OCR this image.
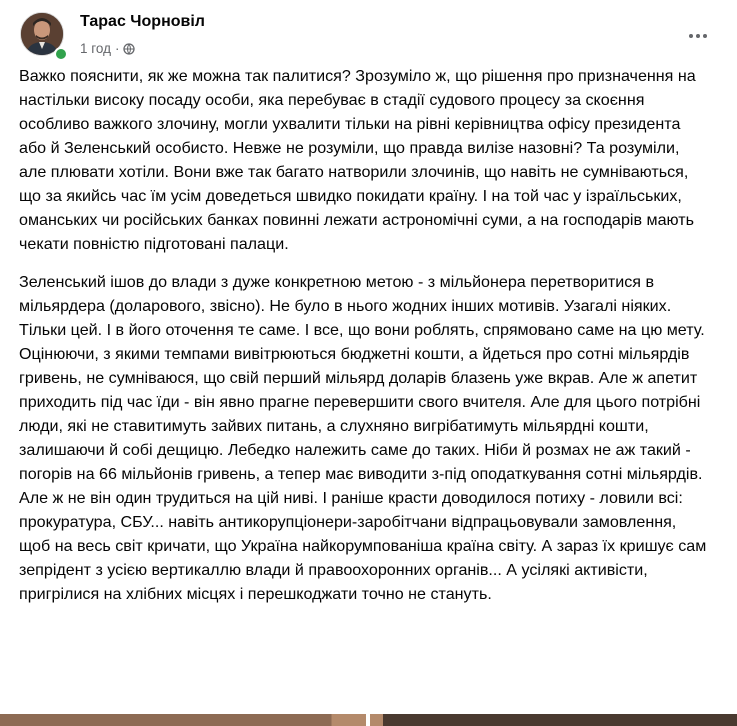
Тарас Чорновіл
1 год ·

Важко пояснити, як же можна так палитися? Зрозуміло ж, що рішення про призначення на настільки високу посаду особи, яка перебуває в стадії судового процесу за скоєння особливо важкого злочину, могли ухвалити тільки на рівні керівництва офісу президента або й Зеленський особисто. Невже не розуміли, що правда вилізе назовні? Та розуміли, але плювати хотіли. Вони вже так багато натворили злочинів, що навіть не сумніваються, що за якийсь час їм усім доведеться швидко покидати країну. І на той час у ізраїльських, оманських чи російських банках повинні лежати астрономічні суми, а на господарів мають чекати повністю підготовані палаци.

Зеленський ішов до влади з дуже конкретною метою - з мільйонера перетворитися в мільярдера (доларового, звісно). Не було в нього жодних інших мотивів. Узагалі ніяких. Тільки цей. І в його оточення те саме. І все, що вони роблять, спрямовано саме на цю мету. Оцінюючи, з якими темпами вивітрюються бюджетні кошти, а йдеться про сотні мільярдів гривень, не сумніваюся, що свій перший мільярд доларів блазень уже вкрав. Але ж апетит приходить під час їди - він явно прагне перевершити свого вчителя. Але для цього потрібні люди, які не ставитимуть зайвих питань, а слухняно вигрібатимуть мільярдні кошти, залишаючи й собі дещицю. Лебедко належить саме до таких. Ніби й розмах не аж такий - погорів на 66 мільйонів гривень, а тепер має виводити з-під оподаткування сотні мільярдів. Але ж не він один трудиться на цій ниві. І раніше красти доводилося потиху - ловили всі: прокуратура, СБУ... навіть антикорупціонери-заробітчани відпрацьовували замовлення, щоб на весь світ кричати, що Україна найкорумпованіша країна світу. А зараз їх кришує сам зепрідент з усією вертикаллю влади й правоохоронних органів... А усілякі активісти, пригрілися на хлібних місцях і перешкоджати точно не стануть.
